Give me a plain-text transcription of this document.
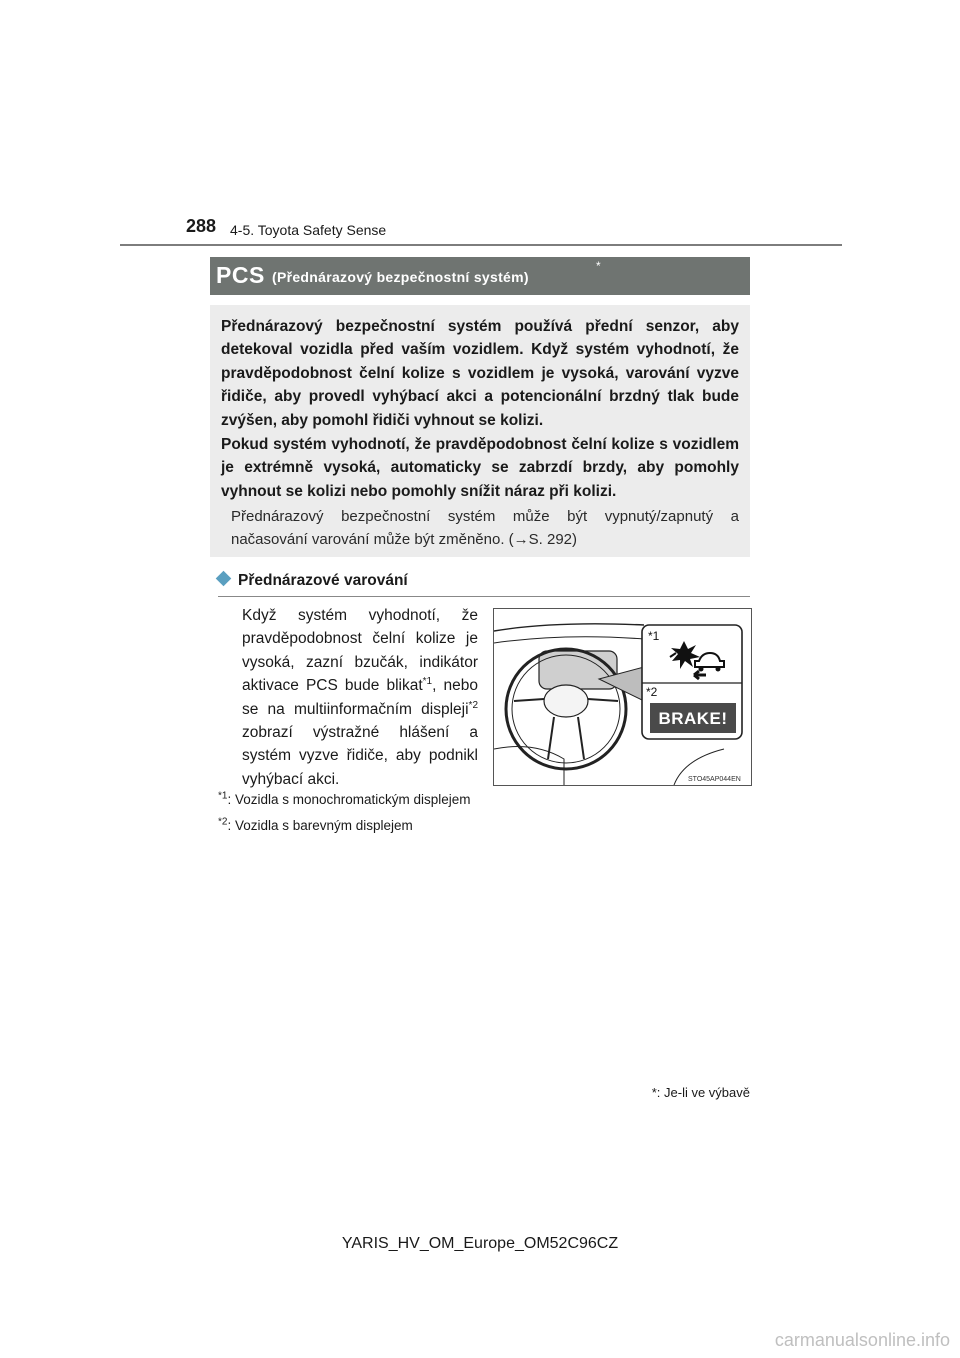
288 4-5. Toyota Safety Sense
PCS (Přednárazový bezpečnostní systém)
*
Přednárazový bezpečnostní systém používá přední senzor, aby detekoval vozidla před vaším vozidlem. Když systém vyhodnotí, že pravděpodobnost čelní kolize s vozidlem je vysoká, varování vyzve řidiče, aby provedl vyhýbací akci a potencionální brzdný tlak bude zvýšen, aby pomohl řidiči vyhnout se kolizi.
Pokud systém vyhodnotí, že pravděpodobnost čelní kolize s vozidlem je extrémně vysoká, automaticky se zabrzdí brzdy, aby pomohly vyhnout se kolizi nebo pomohly snížit náraz při kolizi.
Přednárazový bezpečnostní systém může být vypnutý/zapnutý a načasování varování může být změněno. (→S. 292)
Přednárazové varování
Když systém vyhodnotí, že pravděpodobnost čelní kolize je vysoká, zazní bzučák, indikátor aktivace PCS bude blikat$^{*1}$, nebo se na multiinformačním displeji$^{*2}$ zobrazí výstražné hlášení a systém vyzve řidiče, aby podnikl vyhýbací akci.
*1
*2
BRAKE!
STO45AP044EN
$^{*1}$: Vozidla s monochromatickým displejem
$^{*2}$: Vozidla s barevným displejem
*: Je-li ve výbavě
YARIS_HV_OM_Europe_OM52C96CZ
carmanualsonline.info
